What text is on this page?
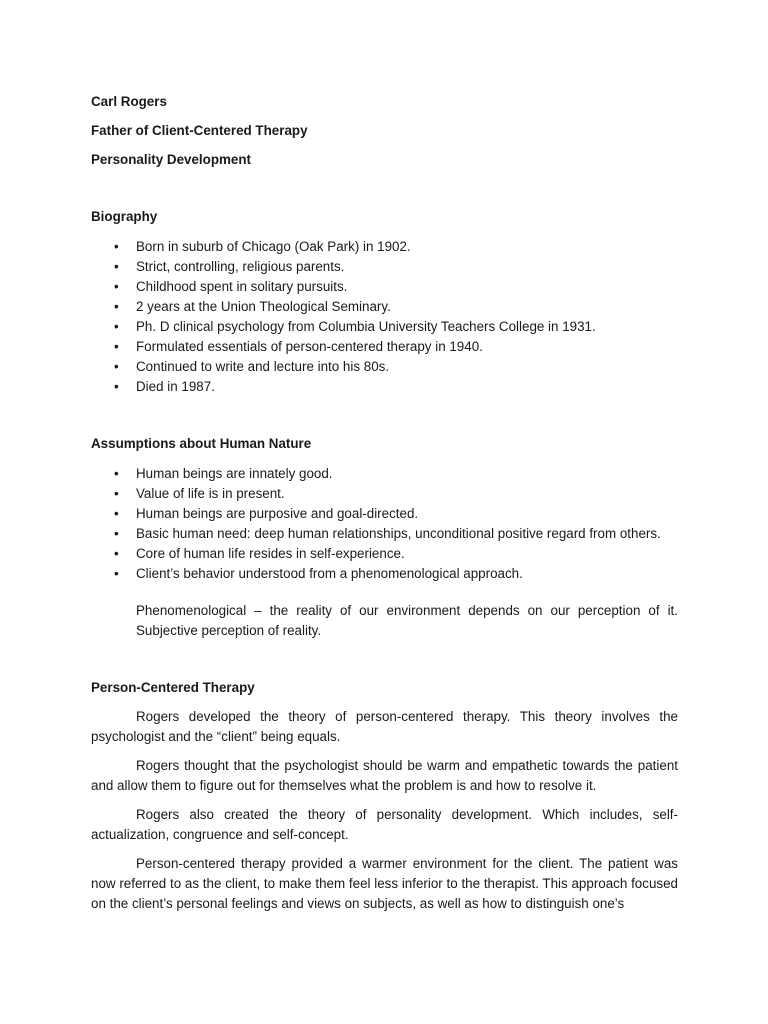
Carl Rogers
Father of Client-Centered Therapy
Personality Development
Biography
• Born in suburb of Chicago (Oak Park) in 1902.
• Strict, controlling, religious parents.
• Childhood spent in solitary pursuits.
• 2 years at the Union Theological Seminary.
• Ph. D clinical psychology from Columbia University Teachers College in 1931.
• Formulated essentials of person-centered therapy in 1940.
• Continued to write and lecture into his 80s.
• Died in 1987.
Assumptions about Human Nature
• Human beings are innately good.
• Value of life is in present.
• Human beings are purposive and goal-directed.
• Basic human need: deep human relationships, unconditional positive regard from others.
• Core of human life resides in self-experience.
• Client’s behavior understood from a phenomenological approach.
Phenomenological – the reality of our environment depends on our perception of it. Subjective perception of reality.
Person-Centered Therapy

Rogers developed the theory of person-centered therapy. This theory involves the psychologist and the “client” being equals.

Rogers thought that the psychologist should be warm and empathetic towards the patient and allow them to figure out for themselves what the problem is and how to resolve it.

Rogers also created the theory of personality development. Which includes, self-actualization, congruence and self-concept.

Person-centered therapy provided a warmer environment for the client. The patient was now referred to as the client, to make them feel less inferior to the therapist. This approach focused on the client’s personal feelings and views on subjects, as well as how to distinguish one’s
